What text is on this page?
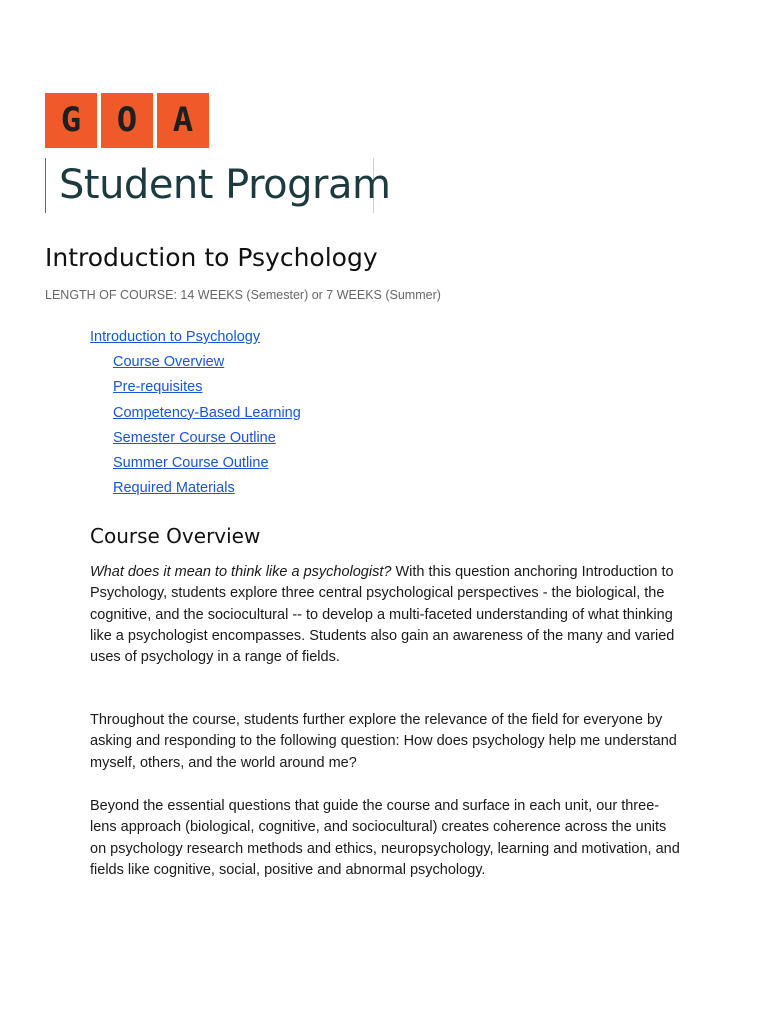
G	O	A
Student Program
Introduction to Psychology
LENGTH OF COURSE: 14 WEEKS (Semester) or 7 WEEKS (Summer)
Introduction to Psychology
Course Overview
Pre-requisites
Competency-Based Learning
Semester Course Outline
Summer Course Outline
Required Materials
Course Overview

What does it mean to think like a psychologist? With this question anchoring Introduction to Psychology, students explore three central psychological perspectives - the biological, the cognitive, and the sociocultural -- to develop a multi-faceted understanding of what thinking like a psychologist encompasses. Students also gain an awareness of the many and varied uses of psychology in a range of fields.

Throughout the course, students further explore the relevance of the field for everyone by asking and responding to the following question: How does psychology help me understand myself, others, and the world around me?

Beyond the essential questions that guide the course and surface in each unit, our three-lens approach (biological, cognitive, and sociocultural) creates coherence across the units on psychology research methods and ethics, neuropsychology, learning and motivation, and fields like cognitive, social, positive and abnormal psychology.
